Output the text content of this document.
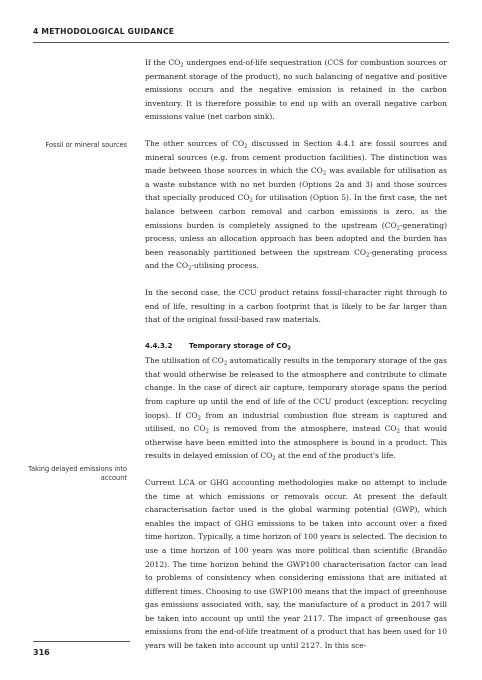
4 METHODOLOGICAL GUIDANCE
Fossil or mineral sources
Taking delayed emissions into account

If the $CO_2$ undergoes end-of-life sequestration (CCS for combustion sources or permanent storage of the product), no such balancing of negative and positive emissions occurs and the negative emission is retained in the carbon inventory. It is therefore possible to end up with an overall negative carbon emissions value (net carbon sink).

The other sources of $CO_2$ discussed in Section 4.4.1 are fossil sources and mineral sources (e.g. from cement production facilities). The distinction was made between those sources in which the $CO_2$ was available for utilisation as a waste substance with no net burden (Options 2a and 3) and those sources that specially produced $CO_2$ for utilisation (Option 5). In the first case, the net balance between carbon removal and carbon emissions is zero, as the emissions burden is completely assigned to the upstream $(CO_2-generating)$ process, unless an allocation approach has been adopted and the burden has been reasonably partitioned between the upstream $CO_2$-generating process and the $CO_2$-utilising process.

In the second case, the CCU product retains fossil-character right through to end of life, resulting in a carbon footprint that is likely to be far larger than that of the original fossil-based raw materials.

4.4.3.2 Temporary storage of $CO_2$

The utilisation of $CO_2$ automatically results in the temporary storage of the gas that would otherwise be released to the atmosphere and contribute to climate change. In the case of direct air capture, temporary storage spans the period from capture up until the end of life of the CCU product (exception: recycling loops). If $CO_2$ from an industrial combustion flue stream is captured and utilised, no $CO_2$ is removed from the atmosphere, instead $CO_2$ that would otherwise have been emitted into the atmosphere is bound in a product. This results in delayed emission of $CO_2$ at the end of the product's life.

Current LCA or GHG accounting methodologies make no attempt to include the time at which emissions or removals occur. At present the default characterisation factor used is the global warming potential (GWP), which enables the impact of GHG emissions to be taken into account over a fixed time horizon. Typically, a time horizon of 100 years is selected. The decision to use a time horizon of 100 years was more political than scientific (Brandão 2012). The time horizon behind the GWP100 characterisation factor can lead to problems of consistency when considering emissions that are initiated at different times. Choosing to use GWP100 means that the impact of greenhouse gas emissions associated with, say, the manufacture of a product in 2017 will be taken into account up until the year 2117. The impact of greenhouse gas emissions from the end-of-life treatment of a product that has been used for 10 years will be taken into account up until 2127. In this sce-

316
